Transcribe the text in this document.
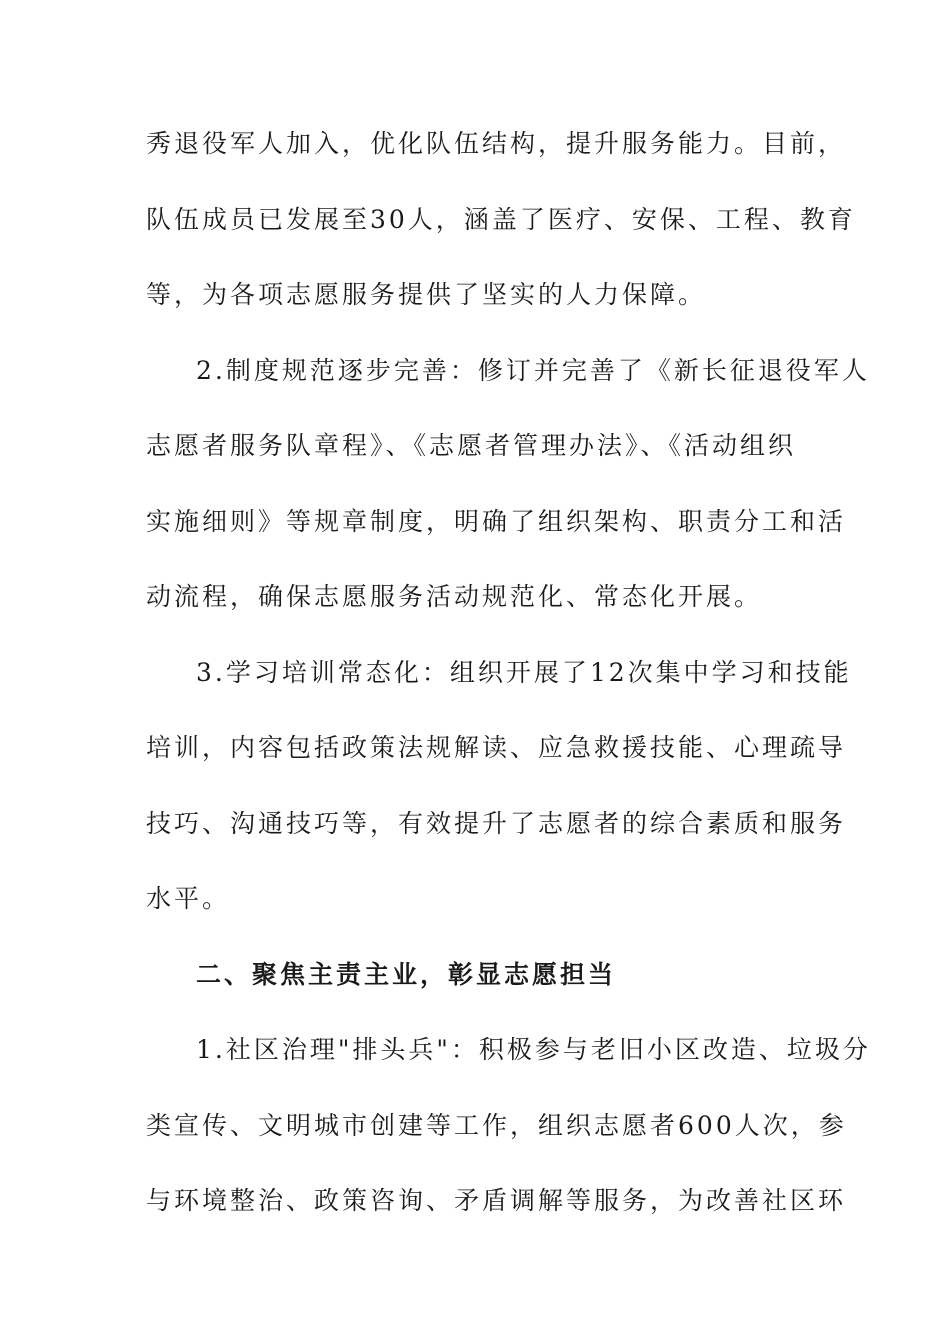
秀退役军人加入，优化队伍结构，提升服务能力。目前，
队伍成员已发展至30人，涵盖了医疗、安保、工程、教育
等，为各项志愿服务提供了坚实的人力保障。
2.制度规范逐步完善：修订并完善了《新长征退役军人
志愿者服务队章程》、《志愿者管理办法》、《活动组织
实施细则》等规章制度，明确了组织架构、职责分工和活
动流程，确保志愿服务活动规范化、常态化开展。
3.学习培训常态化：组织开展了12次集中学习和技能
培训，内容包括政策法规解读、应急救援技能、心理疏导
技巧、沟通技巧等，有效提升了志愿者的综合素质和服务
水平。
二、聚焦主责主业，彰显志愿担当
1.社区治理"排头兵"：积极参与老旧小区改造、垃圾分
类宣传、文明城市创建等工作，组织志愿者600人次，参
与环境整治、政策咨询、矛盾调解等服务，为改善社区环
